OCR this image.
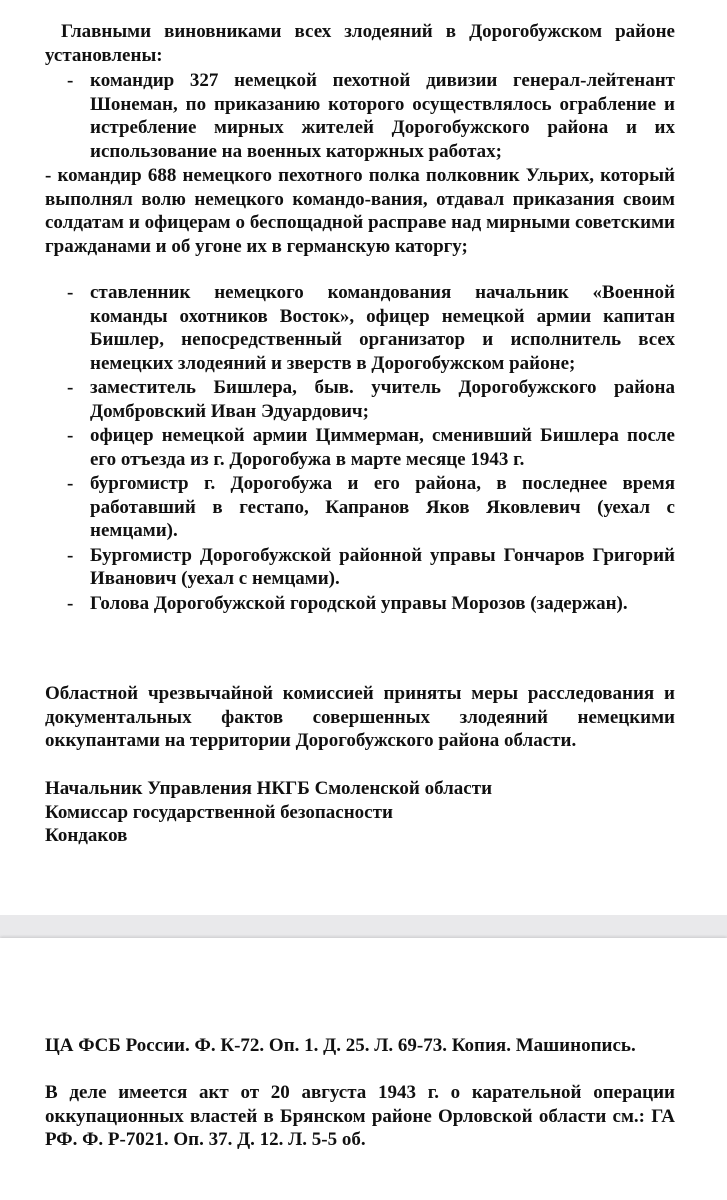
Главными виновниками всех злодеяний в Дорогобужском районе установлены:

- командир 327 немецкой пехотной дивизии генерал-лейтенант Шонеман, по приказанию которого осуществлялось ограбление и истребление мирных жителей Дорогобужского района и их использование на военных каторжных работах;
- командир 688 немецкого пехотного полка полковник Ульрих, который выполнял волю немецкого командо-вания, отдавал приказания своим солдатам и офицерам о беспощадной расправе над мирными советскими гражданами и об угоне их в германскую каторгу;
- ставленник немецкого командования начальник «Военной команды охотников Восток», офицер немецкой армии капитан Бишлер, непосредственный организатор и исполнитель всех немецких злодеяний и зверств в Дорогобужском районе;
- заместитель Бишлера, быв. учитель Дорогобужского района Домбровский Иван Эдуардович;
- офицер немецкой армии Циммерман, сменивший Бишлера после его отъезда из г. Дорогобужа в марте месяце 1943 г.
- бургомистр г. Дорогобужа и его района, в последнее время работавший в гестапо, Капранов Яков Яковлевич (уехал с немцами).
- Бургомистр Дорогобужской районной управы Гончаров Григорий Иванович (уехал с немцами).
- Голова Дорогобужской городской управы Морозов (задержан).

Областной чрезвычайной комиссией приняты меры расследования и документальных фактов совершенных злодеяний немецкими оккупантами на территории Дорогобужского района области.

Начальник Управления НКГБ Смоленской области
Комиссар государственной безопасности
Кондаков

ЦА ФСБ России. Ф. К-72. Оп. 1. Д. 25. Л. 69-73. Копия. Машинопись.

В деле имеется акт от 20 августа 1943 г. о карательной операции оккупационных властей в Брянском районе Орловской области см.: ГА РФ. Ф. Р-7021. Оп. 37. Д. 12. Л. 5-5 об.
